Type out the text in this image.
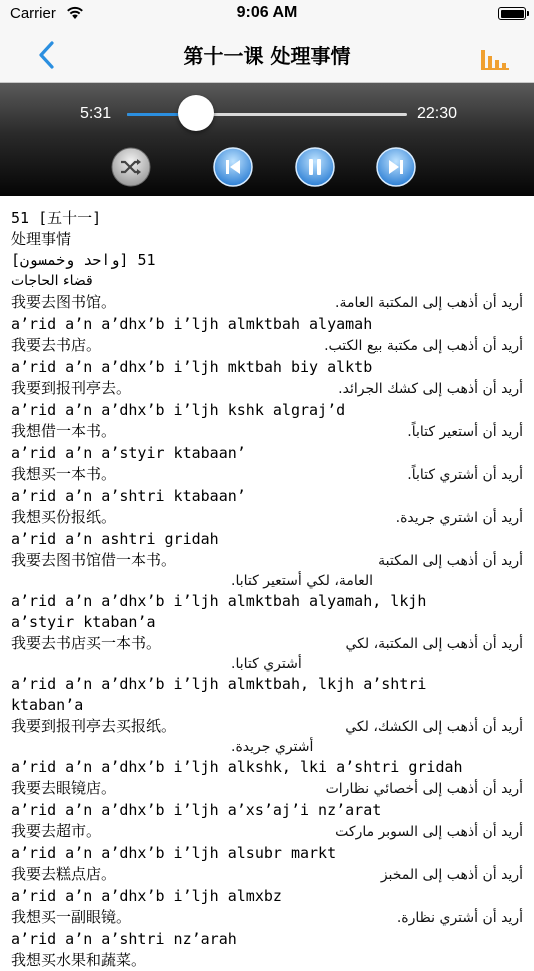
Carrier	9:06 AM
第十一课 处理事情
5:31	22:30
51 [五十一]
处理事情
51 [واحد وخمسون]
قضاء الحاجات
我要去图书馆。	أريد أن أذهب إلى المكتبة العامة.
a’rid a’n a’dhx’b i’ljh almktbah alyamah
我要去书店。	أريد أن أذهب إلى مكتبة بيع الكتب.
a’rid a’n a’dhx’b i’ljh mktbah biy alktb
我要到报刊亭去。	أريد أن أذهب إلى كشك الجرائد.
a’rid a’n a’dhx’b i’ljh kshk algraj’d
我想借一本书。	أريد أن أستعير كتاباً.
a’rid a’n a’styir ktabaan’
我想买一本书。	أريد أن أشتري كتاباً.
a’rid a’n a’shtri ktabaan’
我想买份报纸。	أريد أن اشتري جريدة.
a’rid a’n ashtri gridah
我要去图书馆借一本书。	أريد أن أذهب إلى المكتبة
العامة، لكي أستعير كتابا.
a’rid a’n a’dhx’b i’ljh almktbah alyamah, lkjh
a’styir ktaban’a
我要去书店买一本书。	أريد أن أذهب إلى المكتبة، لكي
أشتري كتابا.
a’rid a’n a’dhx’b i’ljh almktbah, lkjh a’shtri
ktaban’a
我要到报刊亭去买报纸。	أريد أن أذهب إلى الكشك، لكي
أشتري جريدة.
a’rid a’n a’dhx’b i’ljh alkshk, lki a’shtri gridah
我要去眼镜店。	أريد أن أذهب إلى أخصائي نظارات
a’rid a’n a’dhx’b i’ljh a’xs’aj’i nz’arat
我要去超市。	أريد أن أذهب إلى السوبر ماركت
a’rid a’n a’dhx’b i’ljh alsubr markt
我要去糕点店。	أريد أن أذهب إلى المخبز
a’rid a’n a’dhx’b i’ljh almxbz
我想买一副眼镜。	أريد أن أشتري نظارة.
a’rid a’n a’shtri nz’arah
我想买水果和蔬菜。
